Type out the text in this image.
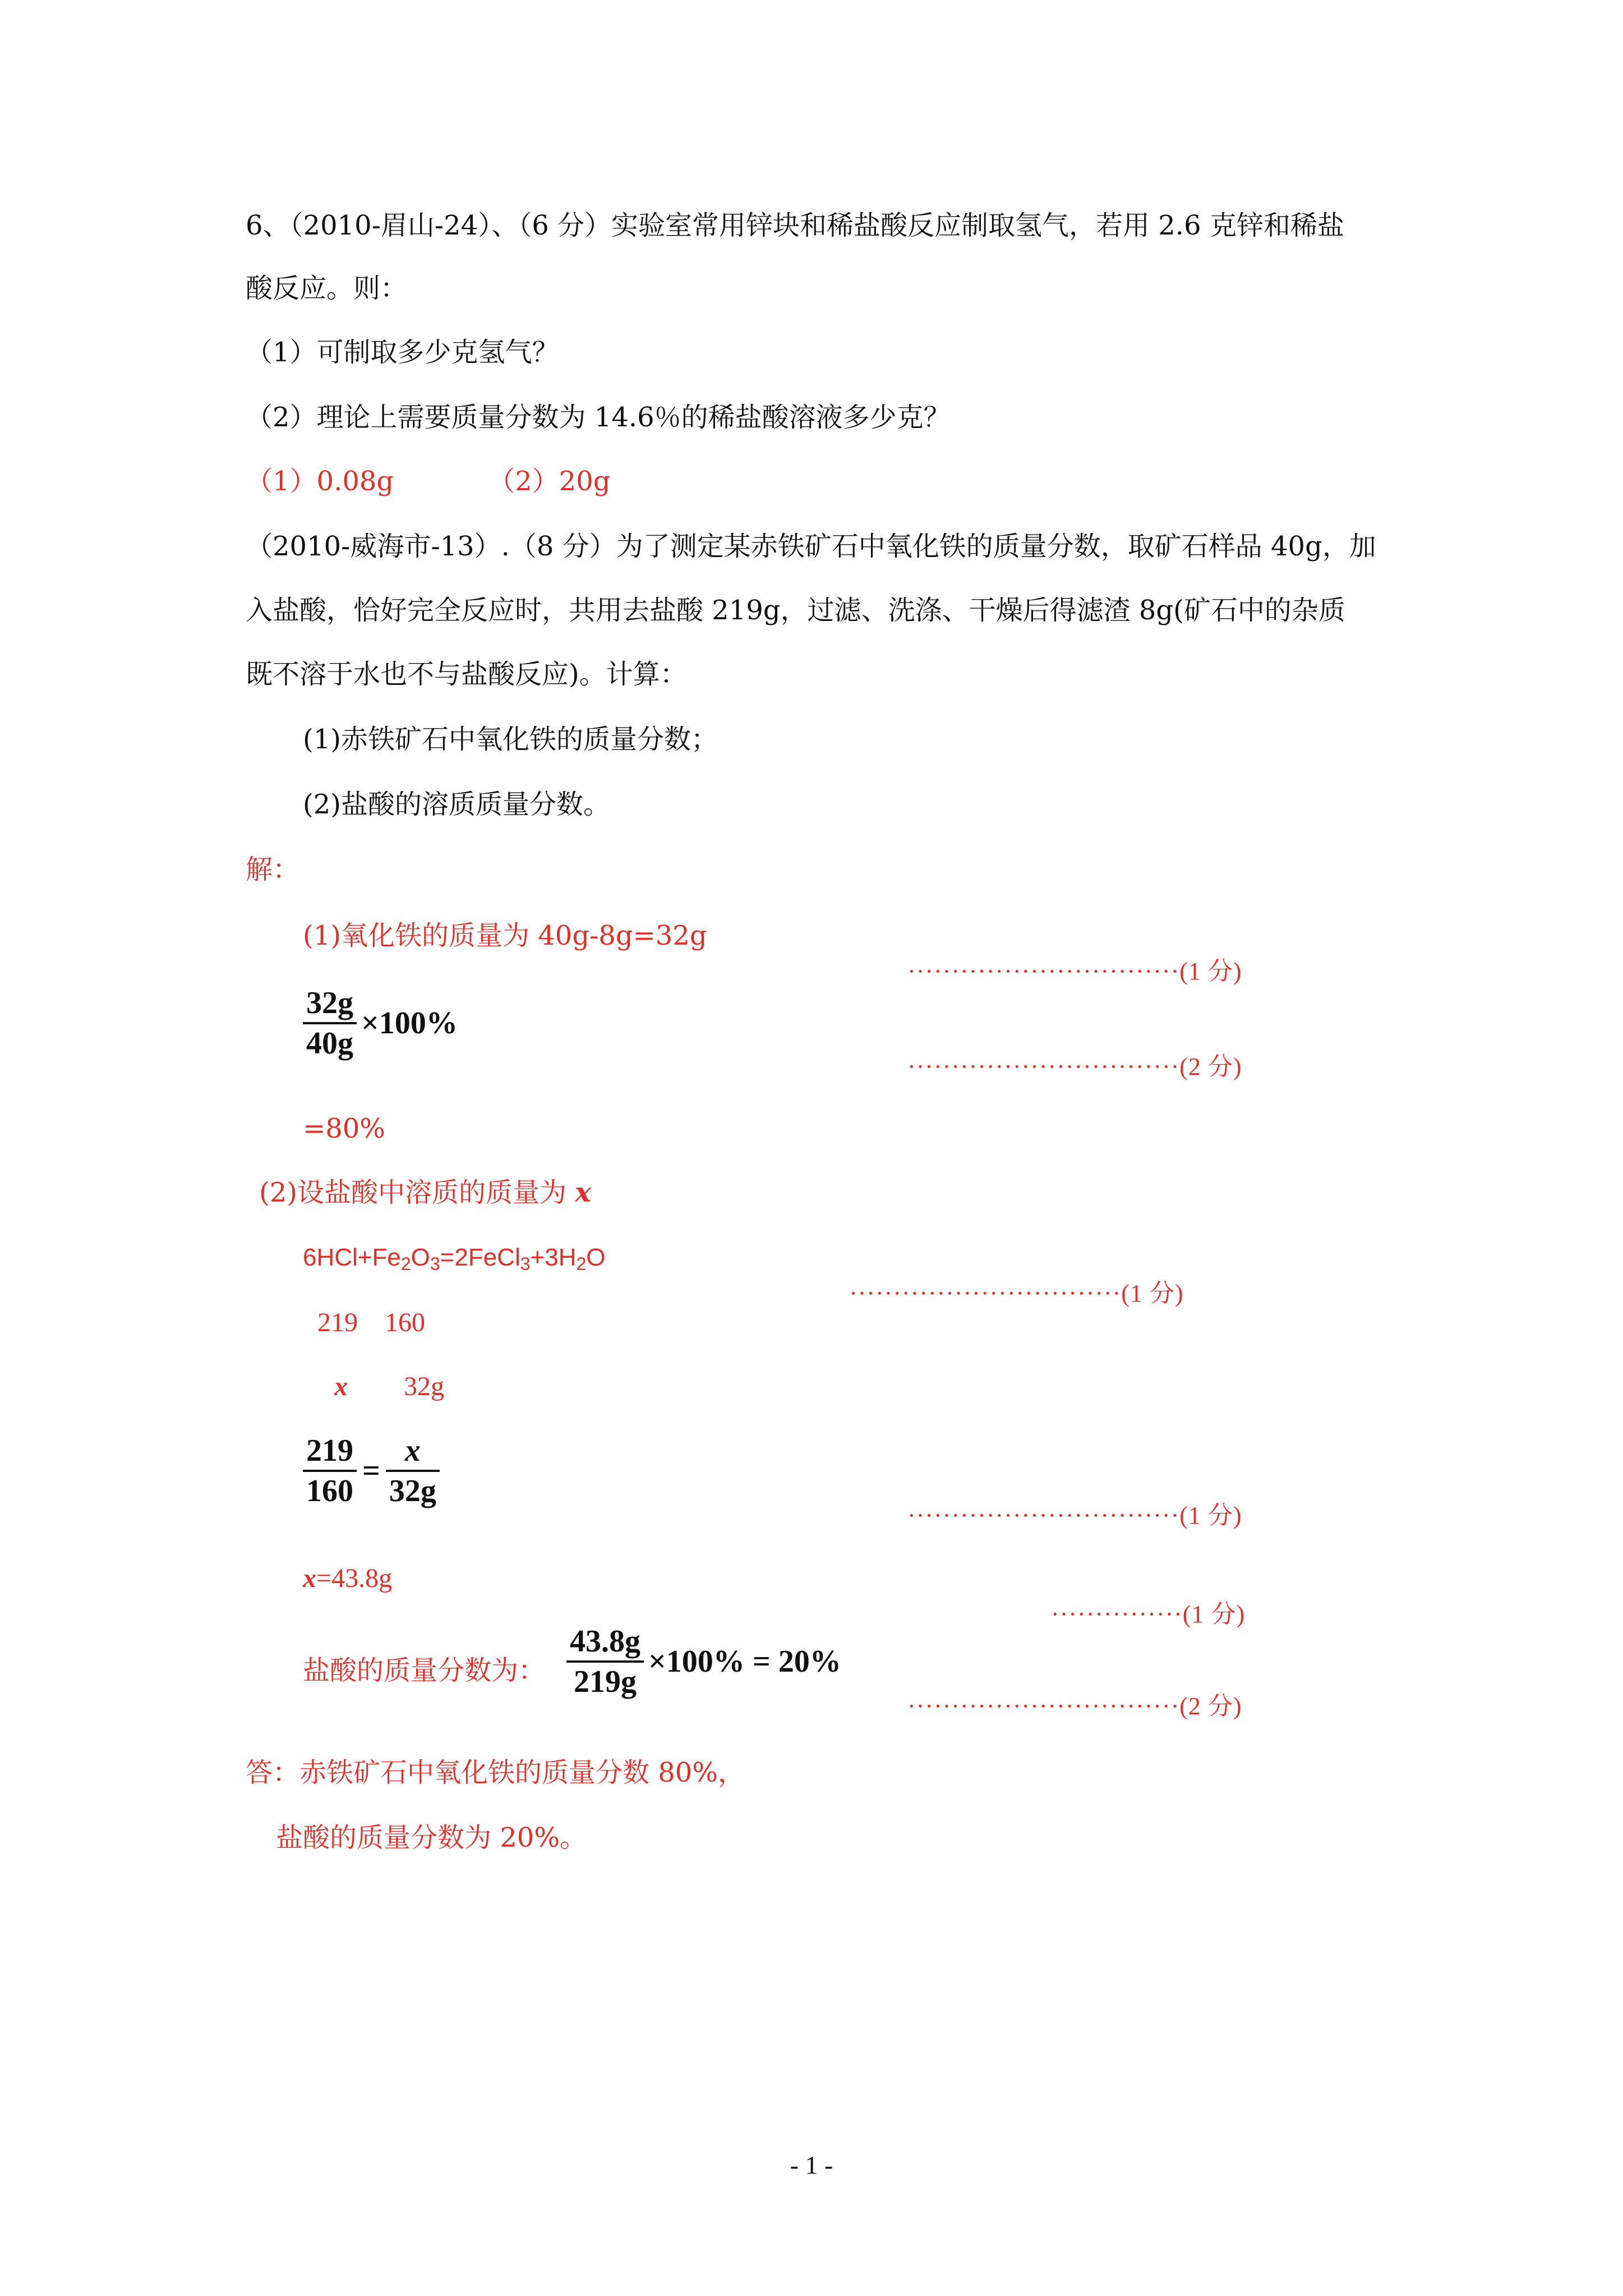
6、（2010-眉山-24）、（6 分）实验室常用锌块和稀盐酸反应制取氢气，若用 2.6 克锌和稀盐
酸反应。则：
（1）可制取多少克氢气？
（2）理论上需要质量分数为 14.6％的稀盐酸溶液多少克？
（1）0.08g　　　　（2）20g
（2010-威海市-13）.（8 分）为了测定某赤铁矿石中氧化铁的质量分数，取矿石样品 40g，加
入盐酸，恰好完全反应时，共用去盐酸 219g，过滤、洗涤、干燥后得滤渣 8g(矿石中的杂质
既不溶于水也不与盐酸反应)。计算：
(1)赤铁矿石中氧化铁的质量分数；
(2)盐酸的溶质质量分数。
解：
(1)氧化铁的质量为 40g-8g=32g

·······························(1 分)

$\frac{32g}{40g} \times 100\%$

·······························(2 分)

=80%
(2)设盐酸中溶质的质量为 x
$6HCl+Fe_2O_3=2FeCl_3+3H_2O$

·······························(1 分)

219　160
x 32g
$\frac{219}{160} = \frac{x}{32g}$

·······························(1 分)

x=43.8g

···············(1 分)

盐酸的质量分数为： $\frac{43.8g}{219g} \times 100\% = 20\%$

·······························(2 分)

答：赤铁矿石中氧化铁的质量分数 80%，
盐酸的质量分数为 20%。
- 1 -
